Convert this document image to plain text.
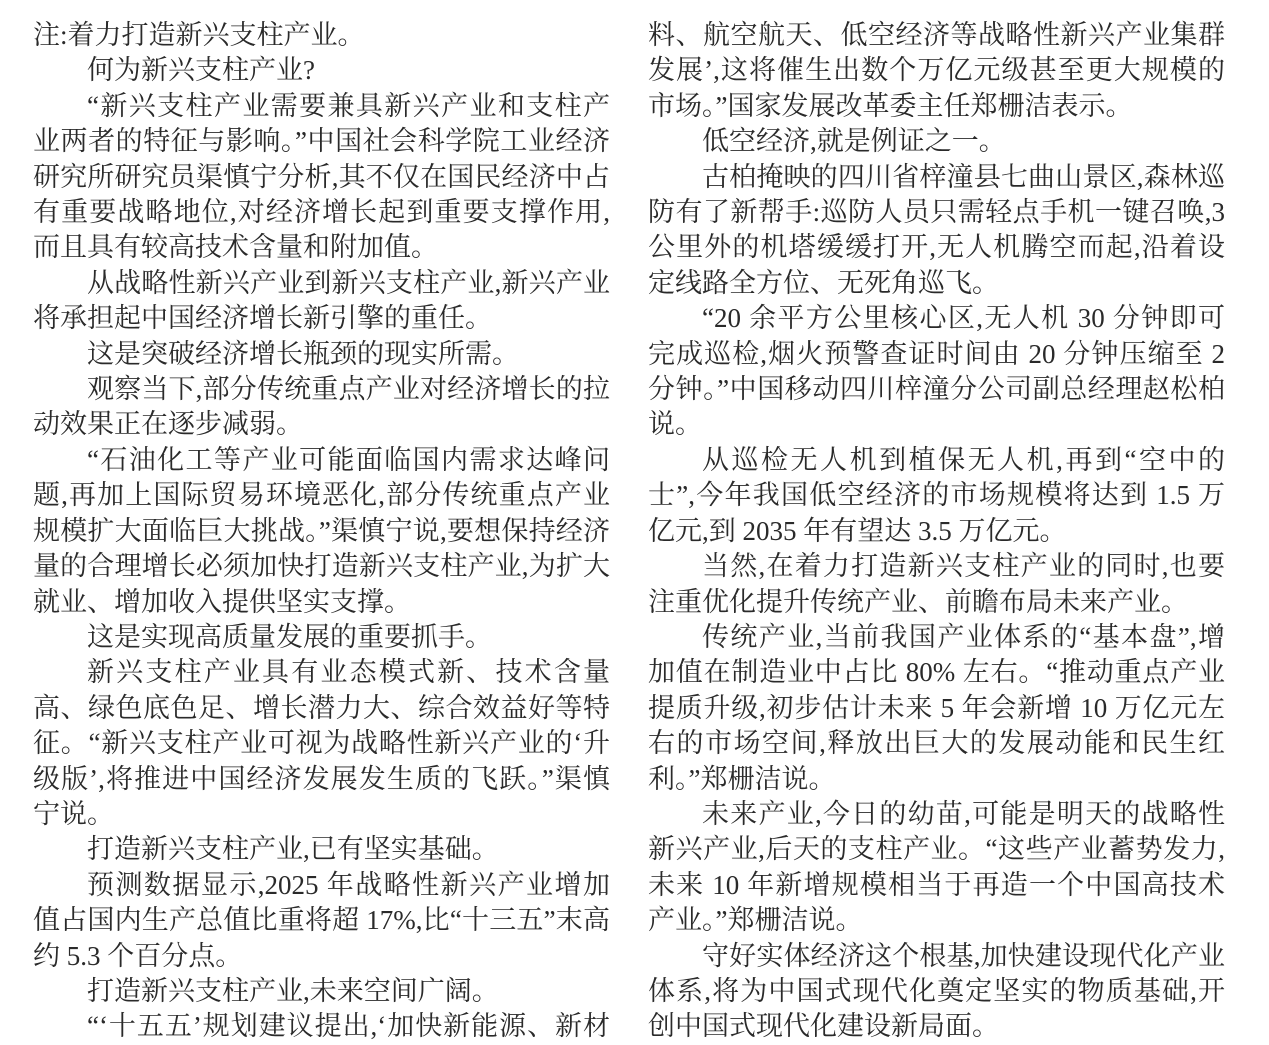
注:着力打造新兴支柱产业。

何为新兴支柱产业?

“新兴支柱产业需要兼具新兴产业和支柱产业两者的特征与影响。”中国社会科学院工业经济研究所研究员渠慎宁分析,其不仅在国民经济中占有重要战略地位,对经济增长起到重要支撑作用,而且具有较高技术含量和附加值。

从战略性新兴产业到新兴支柱产业,新兴产业将承担起中国经济增长新引擎的重任。

这是突破经济增长瓶颈的现实所需。

观察当下,部分传统重点产业对经济增长的拉动效果正在逐步减弱。

“石油化工等产业可能面临国内需求达峰问题,再加上国际贸易环境恶化,部分传统重点产业规模扩大面临巨大挑战。”渠慎宁说,要想保持经济量的合理增长必须加快打造新兴支柱产业,为扩大就业、增加收入提供坚实支撑。

这是实现高质量发展的重要抓手。

新兴支柱产业具有业态模式新、技术含量高、绿色底色足、增长潜力大、综合效益好等特征。“新兴支柱产业可视为战略性新兴产业的‘升级版’,将推进中国经济发展发生质的飞跃。”渠慎宁说。

打造新兴支柱产业,已有坚实基础。

预测数据显示,2025 年战略性新兴产业增加值占国内生产总值比重将超 17%,比“十三五”末高约 5.3 个百分点。

打造新兴支柱产业,未来空间广阔。

“‘十五五’规划建议提出,‘加快新能源、新材

料、航空航天、低空经济等战略性新兴产业集群发展’,这将催生出数个万亿元级甚至更大规模的市场。”国家发展改革委主任郑栅洁表示。

低空经济,就是例证之一。

古柏掩映的四川省梓潼县七曲山景区,森林巡防有了新帮手:巡防人员只需轻点手机一键召唤,3 公里外的机塔缓缓打开,无人机腾空而起,沿着设定线路全方位、无死角巡飞。

“20 余平方公里核心区,无人机 30 分钟即可完成巡检,烟火预警查证时间由 20 分钟压缩至 2 分钟。”中国移动四川梓潼分公司副总经理赵松柏说。

从巡检无人机到植保无人机,再到“空中的士”,今年我国低空经济的市场规模将达到 1.5 万亿元,到 2035 年有望达 3.5 万亿元。

当然,在着力打造新兴支柱产业的同时,也要注重优化提升传统产业、前瞻布局未来产业。

传统产业,当前我国产业体系的“基本盘”,增加值在制造业中占比 80% 左右。“推动重点产业提质升级,初步估计未来 5 年会新增 10 万亿元左右的市场空间,释放出巨大的发展动能和民生红利。”郑栅洁说。

未来产业,今日的幼苗,可能是明天的战略性新兴产业,后天的支柱产业。“这些产业蓄势发力,未来 10 年新增规模相当于再造一个中国高技术产业。”郑栅洁说。

守好实体经济这个根基,加快建设现代化产业体系,将为中国式现代化奠定坚实的物质基础,开创中国式现代化建设新局面。
